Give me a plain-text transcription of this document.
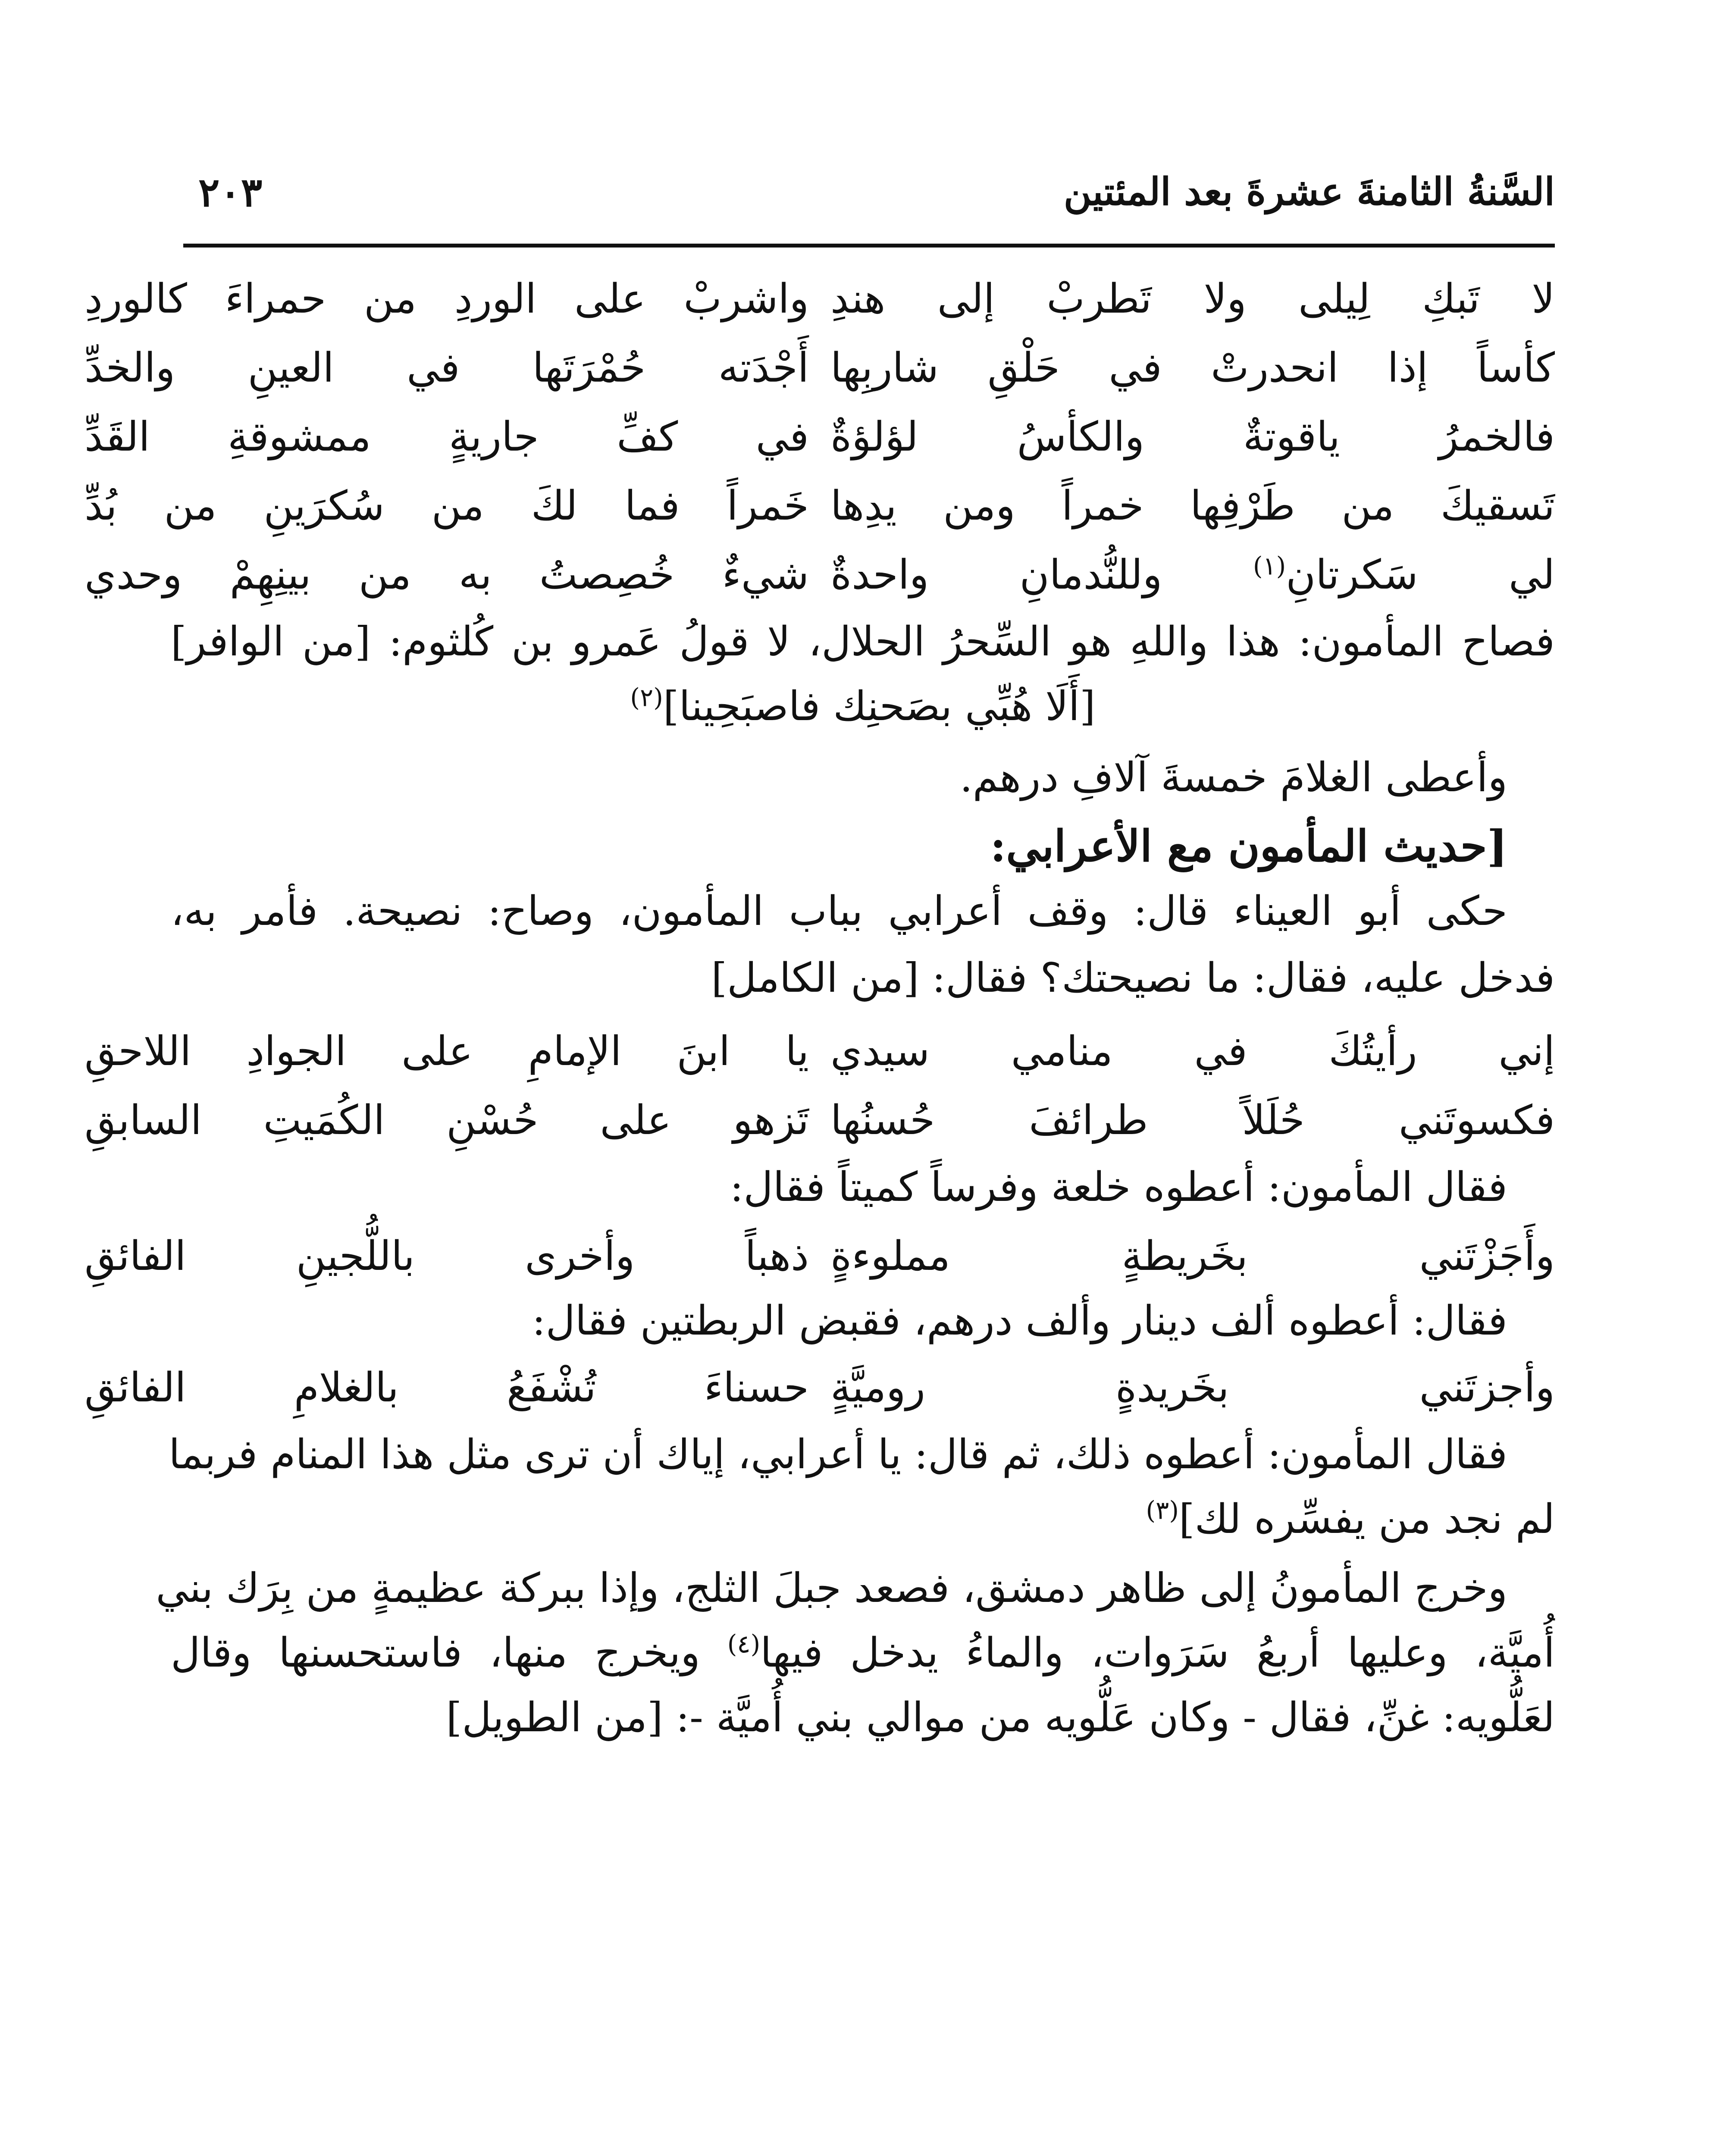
السَّنةُ الثامنةَ عشرةَ بعد المئتين
٢٠٣
لا تَبكِ لِيلى ولا تَطربْ إلى هندِ
واشربْ على الوردِ من حمراءَ كالوردِ
كأساً إذا انحدرتْ في حَلْقِ شاربِها
أَجْدَته حُمْرَتَها في العينِ والخدِّ
فالخمرُ ياقوتةٌ والكأسُ لؤلؤةٌ
في كفِّ جاريةٍ ممشوقةِ القَدِّ
تَسقيكَ من طَرْفِها خمراً ومن يدِها
خَمراً فما لكَ من سُكرَينِ من بُدِّ
لي سَكرتانِ$^{(١)}$ وللنُّدمانِ واحدةٌ
شيءٌ خُصِصتُ به من بينِهِمْ وحدي
فصاح المأمون: هذا واللهِ هو السِّحرُ الحلال، لا قولُ عَمرو بن كُلثوم: [من الوافر]
[أَلَا هُبِّي بصَحنِك فاصبَحِينا]$^{(٢)}$
وأعطى الغلامَ خمسةَ آلافِ درهم.
[حديث المأمون مع الأعرابي:
حكى أبو العيناء قال: وقف أعرابي بباب المأمون، وصاح: نصيحة. فأمر به،
فدخل عليه، فقال: ما نصيحتك؟ فقال: [من الكامل]
إني رأيتُكَ في منامي سيدي
يا ابنَ الإمامِ على الجوادِ اللاحقِ
فكسوتَني حُلَلاً طرائفَ حُسنُها
تَزهو على حُسْنِ الكُمَيتِ السابقِ
فقال المأمون: أعطوه خلعة وفرساً كميتاً فقال:
وأَجَزْتَني بخَريطةٍ مملوءةٍ
ذهباً وأخرى باللُّجينِ الفائقِ
فقال: أعطوه ألف دينار وألف درهم، فقبض الربطتين فقال:
وأجزتَني بخَريدةٍ روميَّةٍ
حسناءَ تُشْفَعُ بالغلامِ الفائقِ
فقال المأمون: أعطوه ذلك، ثم قال: يا أعرابي، إياك أن ترى مثل هذا المنام فربما
لم نجد من يفسِّره لك]$^{(٣)}$
وخرج المأمونُ إلى ظاهر دمشق، فصعد جبلَ الثلج، وإذا ببركة عظيمةٍ من بِرَك بني
أُميَّة، وعليها أربعُ سَرَوات، والماءُ يدخل فيها$^{(٤)}$ ويخرج منها، فاستحسنها وقال
لعَلُّويه: غنِّ، فقال - وكان عَلُّويه من موالي بني أُميَّة -: [من الطويل]
